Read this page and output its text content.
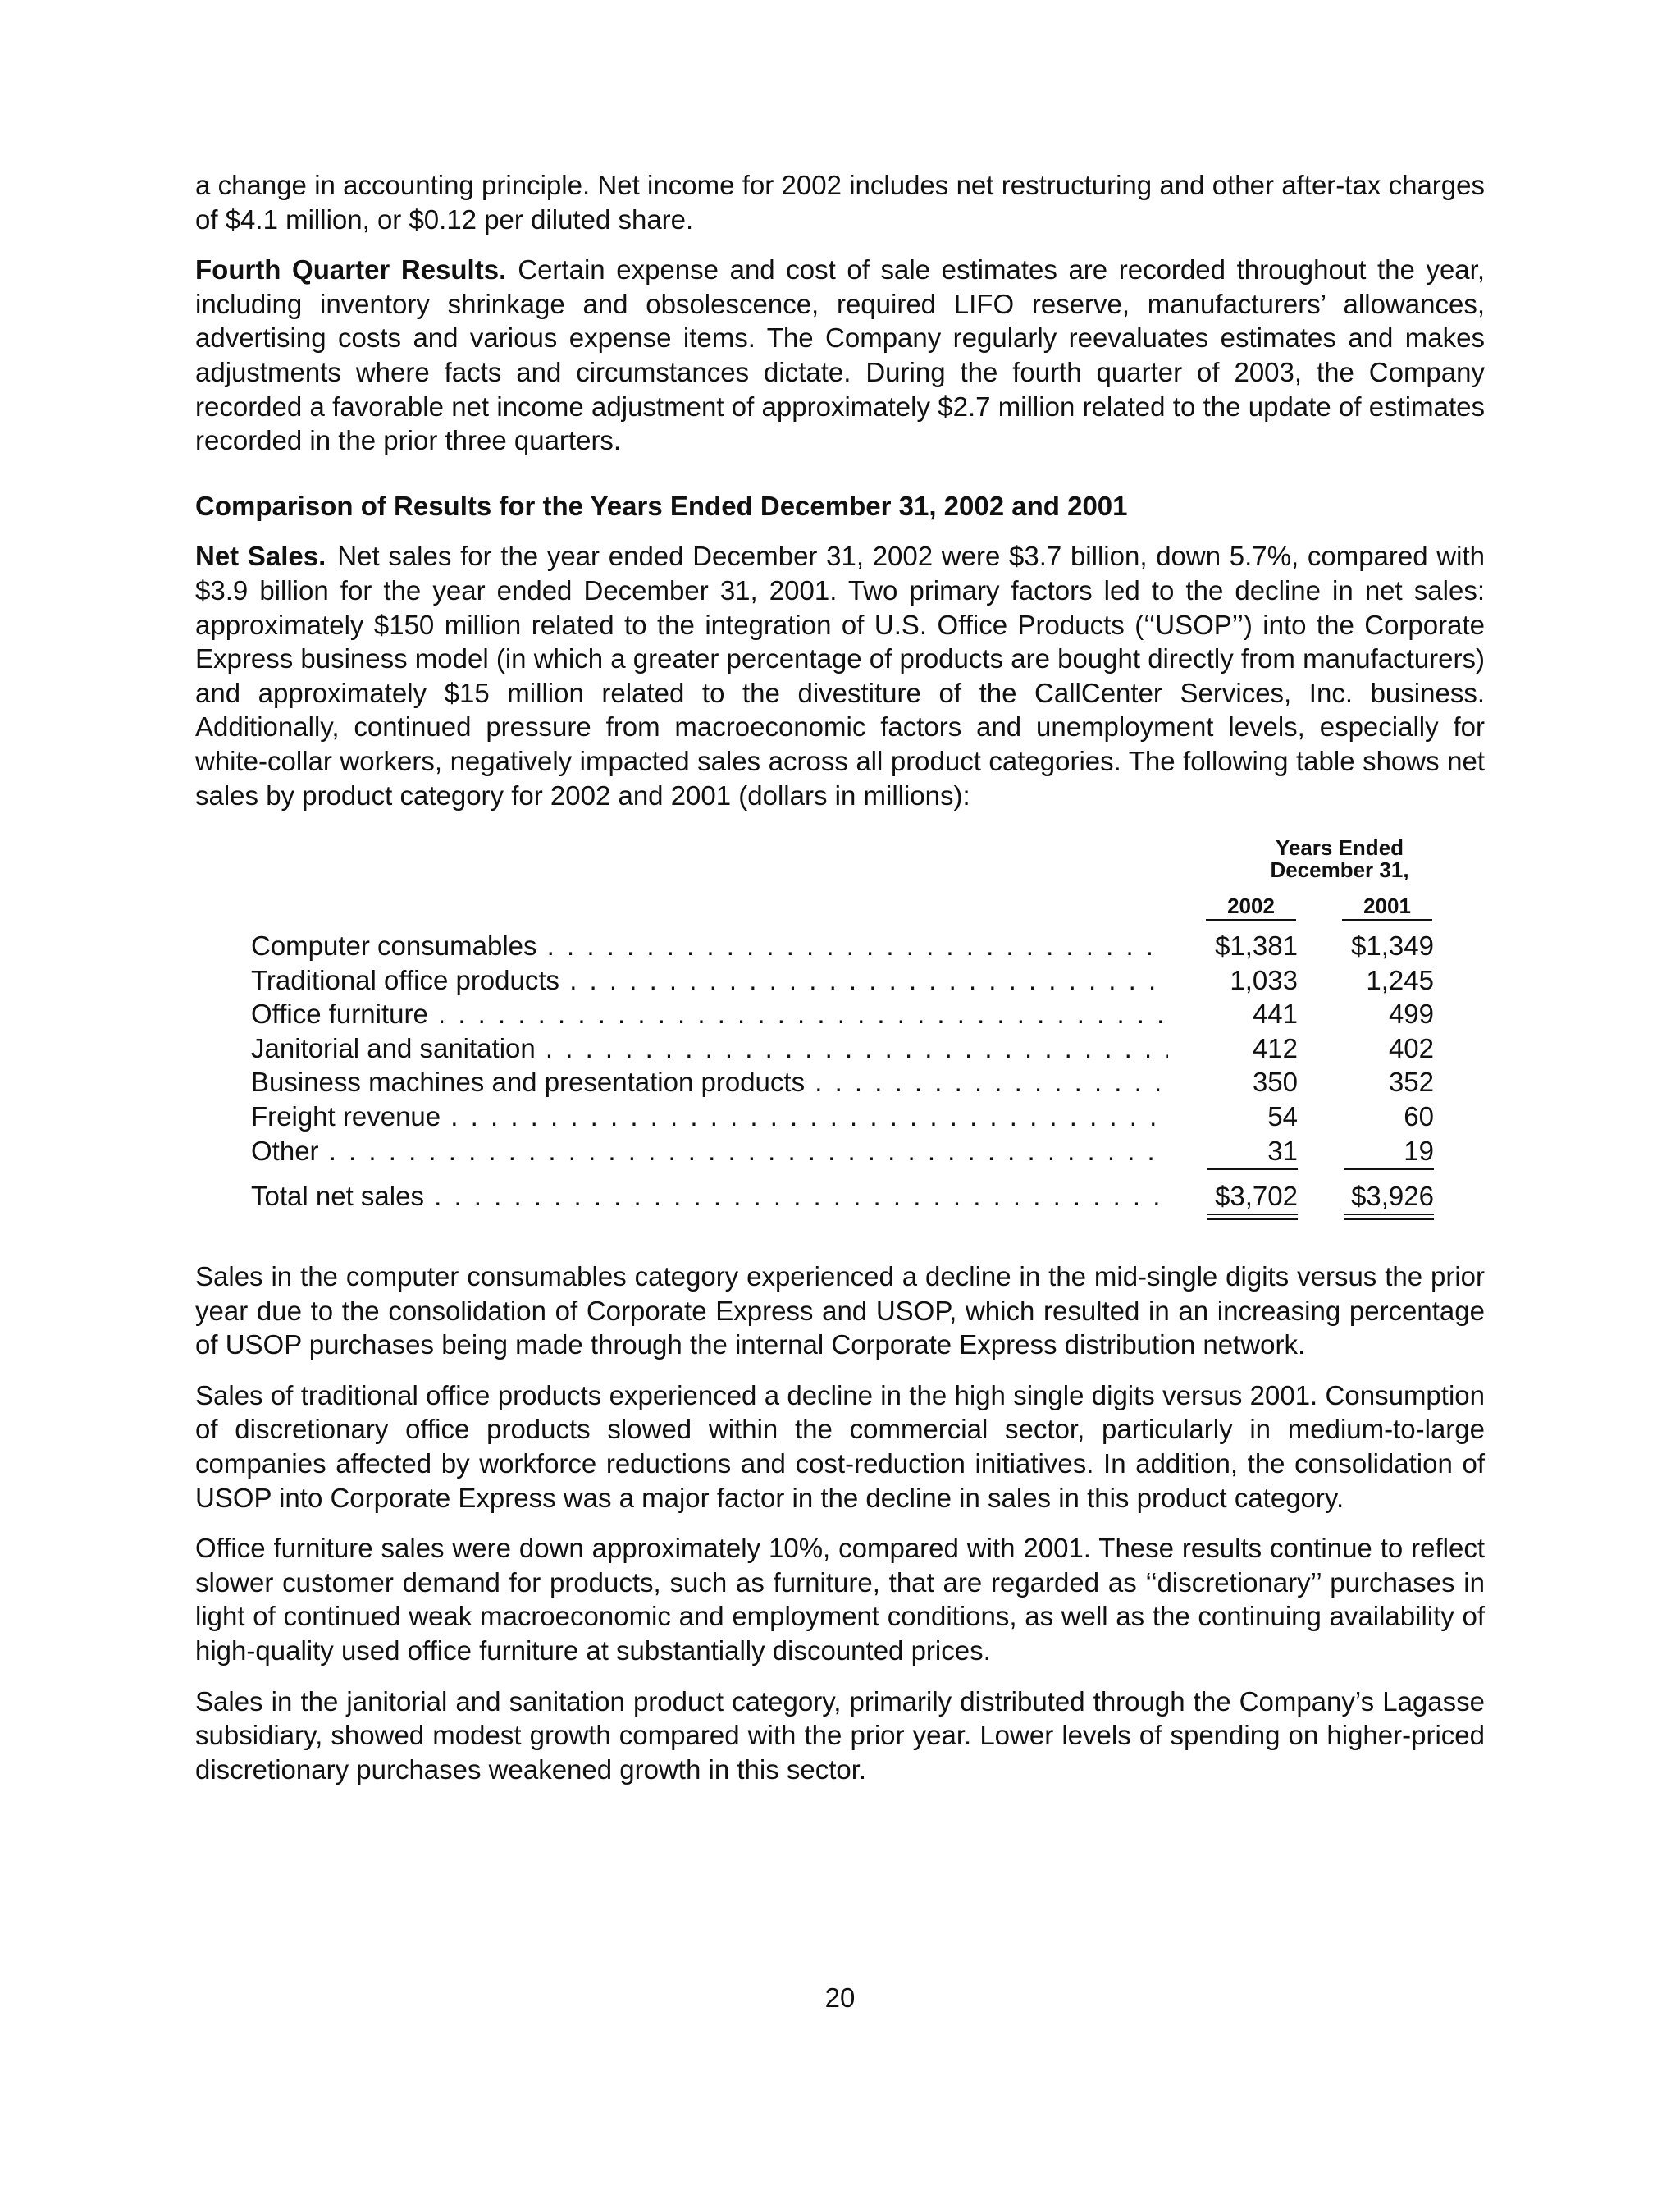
a change in accounting principle. Net income for 2002 includes net restructuring and other after-tax charges of $4.1 million, or $0.12 per diluted share.

Fourth Quarter Results. Certain expense and cost of sale estimates are recorded throughout the year, including inventory shrinkage and obsolescence, required LIFO reserve, manufacturers’ allowances, advertising costs and various expense items. The Company regularly reevaluates estimates and makes adjustments where facts and circumstances dictate. During the fourth quarter of 2003, the Company recorded a favorable net income adjustment of approximately $2.7 million related to the update of estimates recorded in the prior three quarters.

Comparison of Results for the Years Ended December 31, 2002 and 2001

Net Sales. Net sales for the year ended December 31, 2002 were $3.7 billion, down 5.7%, compared with $3.9 billion for the year ended December 31, 2001. Two primary factors led to the decline in net sales: approximately $150 million related to the integration of U.S. Office Products (‘‘USOP’’) into the Corporate Express business model (in which a greater percentage of products are bought directly from manufacturers) and approximately $15 million related to the divestiture of the CallCenter Services, Inc. business. Additionally, continued pressure from macroeconomic factors and unemployment levels, especially for white-collar workers, negatively impacted sales across all product categories. The following table shows net sales by product category for 2002 and 2001 (dollars in millions):

Years Ended
December 31,
2002	2001
Computer consumables . . .	$1,381 $1,349
Traditional office products . . .	1,033	1,245
Office furniture . . .	441	499
Janitorial and sanitation . . .	412	402
Business machines and presentation products . . .	350	352
Freight revenue . . .	54	60
Other . . .	31	19
Total net sales . . .	$3,702 $3,926

Sales in the computer consumables category experienced a decline in the mid-single digits versus the prior year due to the consolidation of Corporate Express and USOP, which resulted in an increasing percentage of USOP purchases being made through the internal Corporate Express distribution network.

Sales of traditional office products experienced a decline in the high single digits versus 2001. Consumption of discretionary office products slowed within the commercial sector, particularly in medium-to-large companies affected by workforce reductions and cost-reduction initiatives. In addition, the consolidation of USOP into Corporate Express was a major factor in the decline in sales in this product category.

Office furniture sales were down approximately 10%, compared with 2001. These results continue to reflect slower customer demand for products, such as furniture, that are regarded as ‘‘discretionary’’ purchases in light of continued weak macroeconomic and employment conditions, as well as the continuing availability of high-quality used office furniture at substantially discounted prices.

Sales in the janitorial and sanitation product category, primarily distributed through the Company’s Lagasse subsidiary, showed modest growth compared with the prior year. Lower levels of spending on higher-priced discretionary purchases weakened growth in this sector.

20
